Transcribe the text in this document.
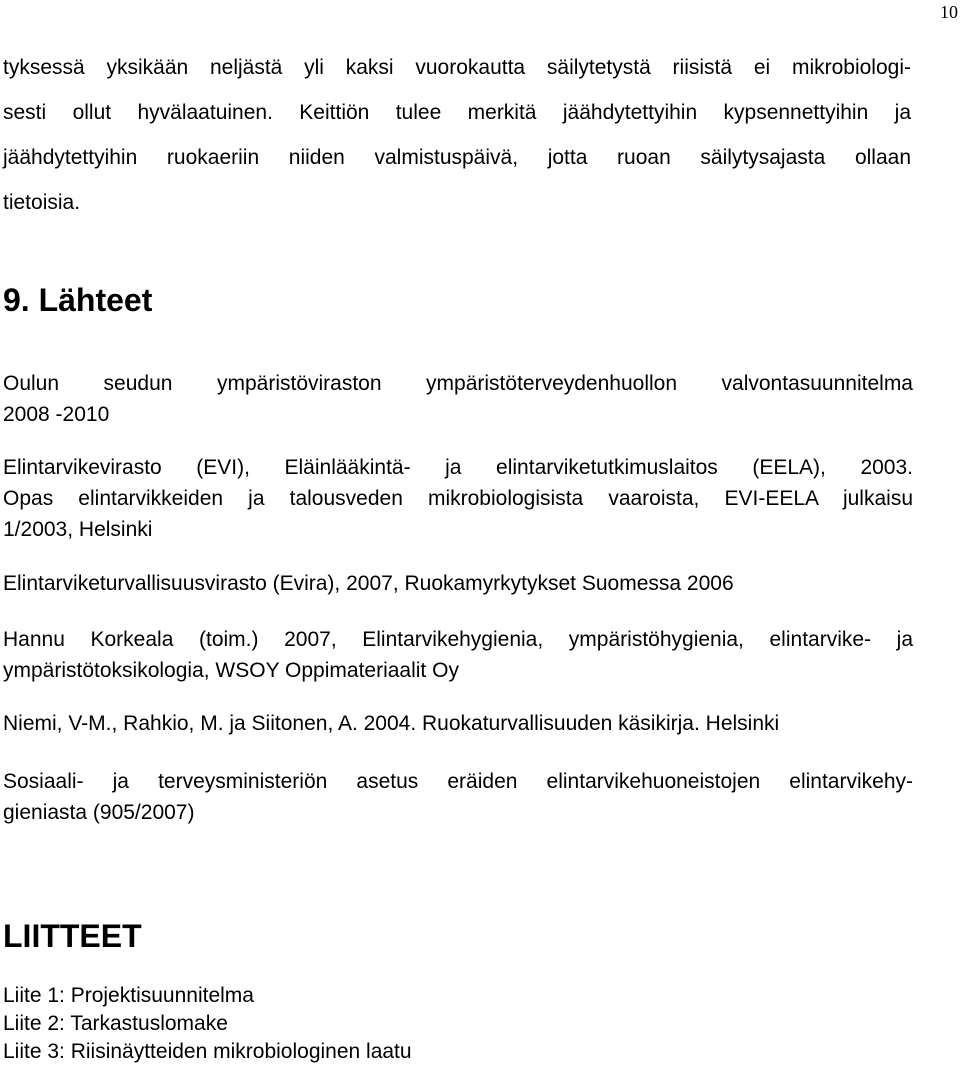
10
tyksessä yksikään neljästä yli kaksi vuorokautta säilytetystä riisistä ei mikrobiologi-
sesti ollut hyvälaatuinen. Keittiön tulee merkitä jäähdytettyihin kypsennettyihin ja
jäähdytettyihin ruokaeriin niiden valmistuspäivä, jotta ruoan säilytysajasta ollaan
tietoisia.
9. Lähteet
Oulun seudun ympäristöviraston ympäristöterveydenhuollon valvontasuunnitelma
2008 -2010
Elintarvikevirasto (EVI), Eläinlääkintä- ja elintarviketutkimuslaitos (EELA), 2003.
Opas elintarvikkeiden ja talousveden mikrobiologisista vaaroista, EVI-EELA julkaisu
1/2003, Helsinki
Elintarviketurvallisuusvirasto (Evira), 2007, Ruokamyrkytykset Suomessa 2006
Hannu Korkeala (toim.) 2007, Elintarvikehygienia, ympäristöhygienia, elintarvike- ja
ympäristötoksikologia, WSOY Oppimateriaalit Oy
Niemi, V-M., Rahkio, M. ja Siitonen, A. 2004. Ruokaturvallisuuden käsikirja. Helsinki
Sosiaali- ja terveysministeriön asetus eräiden elintarvikehuoneistojen elintarvikehy-
gieniasta (905/2007)
LIITTEET
Liite 1: Projektisuunnitelma
Liite 2: Tarkastuslomake
Liite 3: Riisinäytteiden mikrobiologinen laatu
